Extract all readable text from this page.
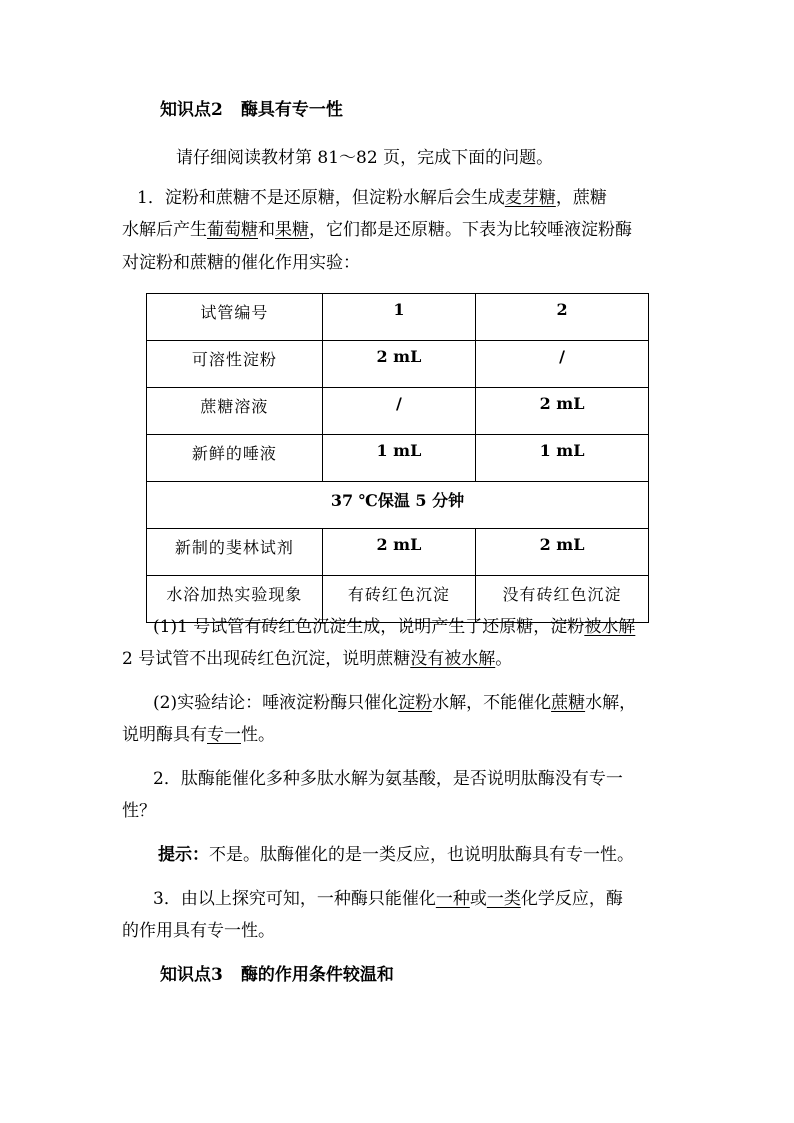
知识点2 酶具有专一性
请仔细阅读教材第 81～82 页，完成下面的问题。
1．淀粉和蔗糖不是还原糖，但淀粉水解后会生成麦芽糖，蔗糖
水解后产生葡萄糖和果糖，它们都是还原糖。下表为比较唾液淀粉酶
对淀粉和蔗糖的催化作用实验：
试管编号	1	2
可溶性淀粉	2 mL	/
蔗糖溶液	/	2 mL
新鲜的唾液	1 mL	1 mL
37 ℃保温 5 分钟		
新制的斐林试剂	2 mL	2 mL
水浴加热实验现象	有砖红色沉淀	没有砖红色沉淀
(1)1 号试管有砖红色沉淀生成，说明产生了还原糖，淀粉被水解
2 号试管不出现砖红色沉淀，说明蔗糖没有被水解。
(2)实验结论：唾液淀粉酶只催化淀粉水解，不能催化蔗糖水解，
说明酶具有专一性。
2．肽酶能催化多种多肽水解为氨基酸，是否说明肽酶没有专一
性？
提示：不是。肽酶催化的是一类反应，也说明肽酶具有专一性。
3．由以上探究可知，一种酶只能催化一种或一类化学反应，酶
的作用具有专一性。
知识点3 酶的作用条件较温和
